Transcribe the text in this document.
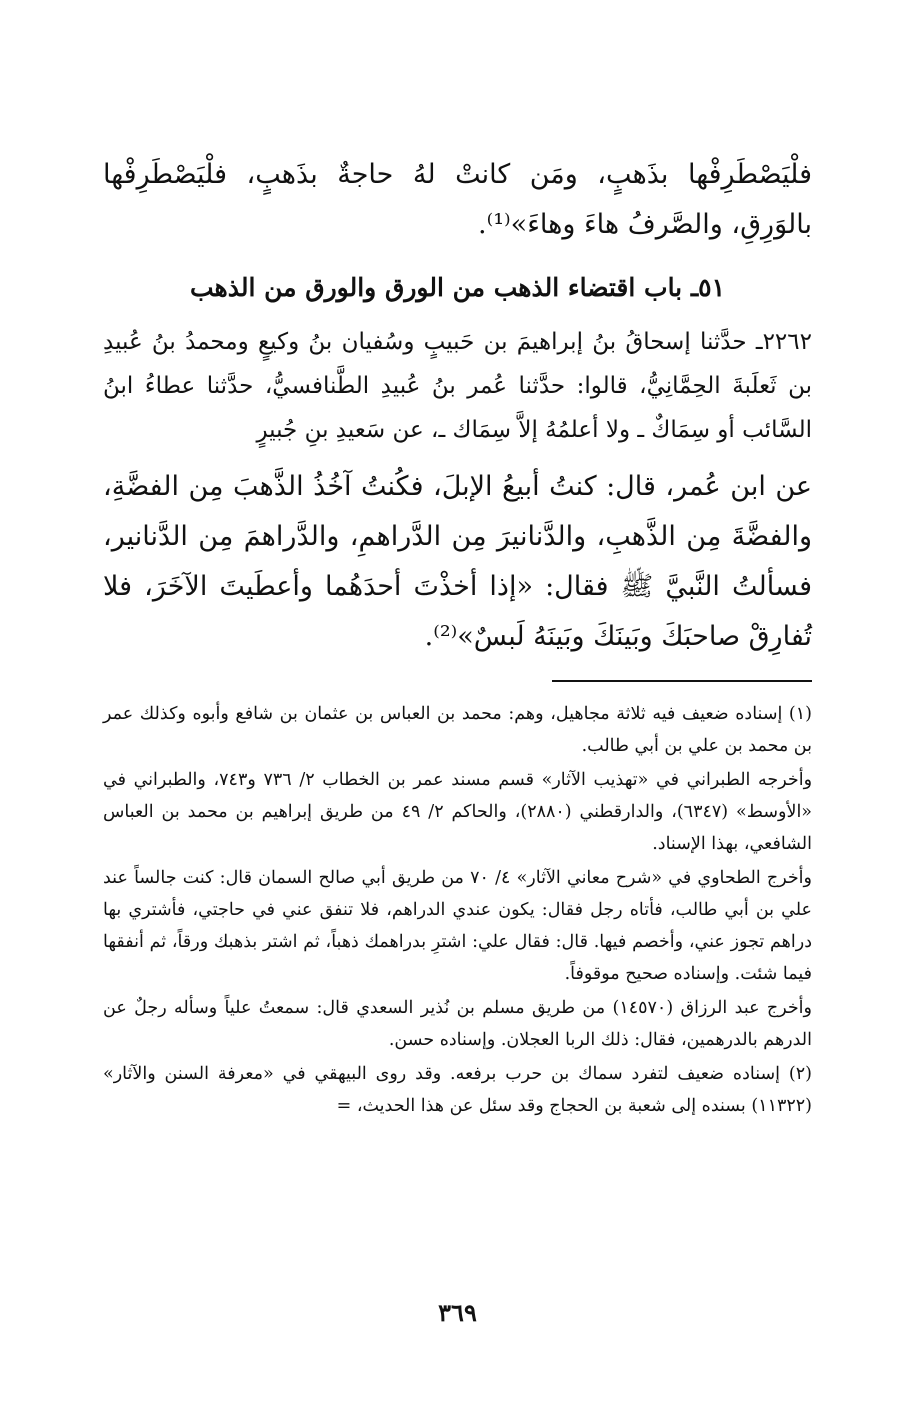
فلْيَصْطَرِفْها بذَهبٍ، ومَن كانتْ لهُ حاجةٌ بذَهبٍ، فلْيَصْطَرِفْها بالوَرِقِ، والصَّرفُ هاءَ وهاءَ»⁽¹⁾.

٥١ـ باب اقتضاء الذهب من الورق والورق من الذهب

٢٢٦٢ـ حدَّثنا إسحاقُ بنُ إبراهيمَ بن حَبيبٍ وسُفيان بنُ وكيعٍ ومحمدُ بنُ عُبيدِ بن ثَعلَبةَ الحِمَّانِيُّ، قالوا: حدَّثنا عُمر بنُ عُبيدِ الطَّنافسيُّ، حدَّثنا عطاءُ ابنُ السَّائب أو سِمَاكٌ ـ ولا أعلمُهُ إلاَّ سِمَاك ـ، عن سَعيدِ بنِ جُبيرٍ

عن ابن عُمر، قال: كنتُ أبيعُ الإبلَ، فكُنتُ آخُذُ الذَّهبَ مِن الفضَّةِ، والفضَّةَ مِن الذَّهبِ، والدَّنانيرَ مِن الدَّراهمِ، والدَّراهمَ مِن الدَّنانير، فسألتُ النَّبيَّ ﷺ فقال: «إذا أخذْتَ أحدَهُما وأعطَيتَ الآخَرَ، فلا تُفارِقْ صاحبَكَ وبَينَكَ وبَينَهُ لَبسٌ»⁽²⁾.

(١) إسناده ضعيف فيه ثلاثة مجاهيل، وهم: محمد بن العباس بن عثمان بن شافع وأبوه وكذلك عمر بن محمد بن علي بن أبي طالب.

وأخرجه الطبراني في «تهذيب الآثار» قسم مسند عمر بن الخطاب ٢/ ٧٣٦ و٧٤٣، والطبراني في «الأوسط» (٦٣٤٧)، والدارقطني (٢٨٨٠)، والحاكم ٢/ ٤٩ من طريق إبراهيم بن محمد بن العباس الشافعي، بهذا الإسناد.

وأخرج الطحاوي في «شرح معاني الآثار» ٤/ ٧٠ من طريق أبي صالح السمان قال: كنت جالساً عند علي بن أبي طالب، فأتاه رجل فقال: يكون عندي الدراهم، فلا تنفق عني في حاجتي، فأشتري بها دراهم تجوز عني، وأخصم فيها. قال: فقال علي: اشترِ بدراهمك ذهباً، ثم اشتر بذهبك ورقاً، ثم أنفقها فيما شئت. وإسناده صحيح موقوفاً.

وأخرج عبد الرزاق (١٤٥٧٠) من طريق مسلم بن نُذير السعدي قال: سمعتُ علياً وسأله رجلٌ عن الدرهم بالدرهمين، فقال: ذلك الربا العجلان. وإسناده حسن.

(٢) إسناده ضعيف لتفرد سماك بن حرب برفعه. وقد روى البيهقي في «معرفة السنن والآثار» (١١٣٢٢) بسنده إلى شعبة بن الحجاج وقد سئل عن هذا الحديث، =

٣٦٩
